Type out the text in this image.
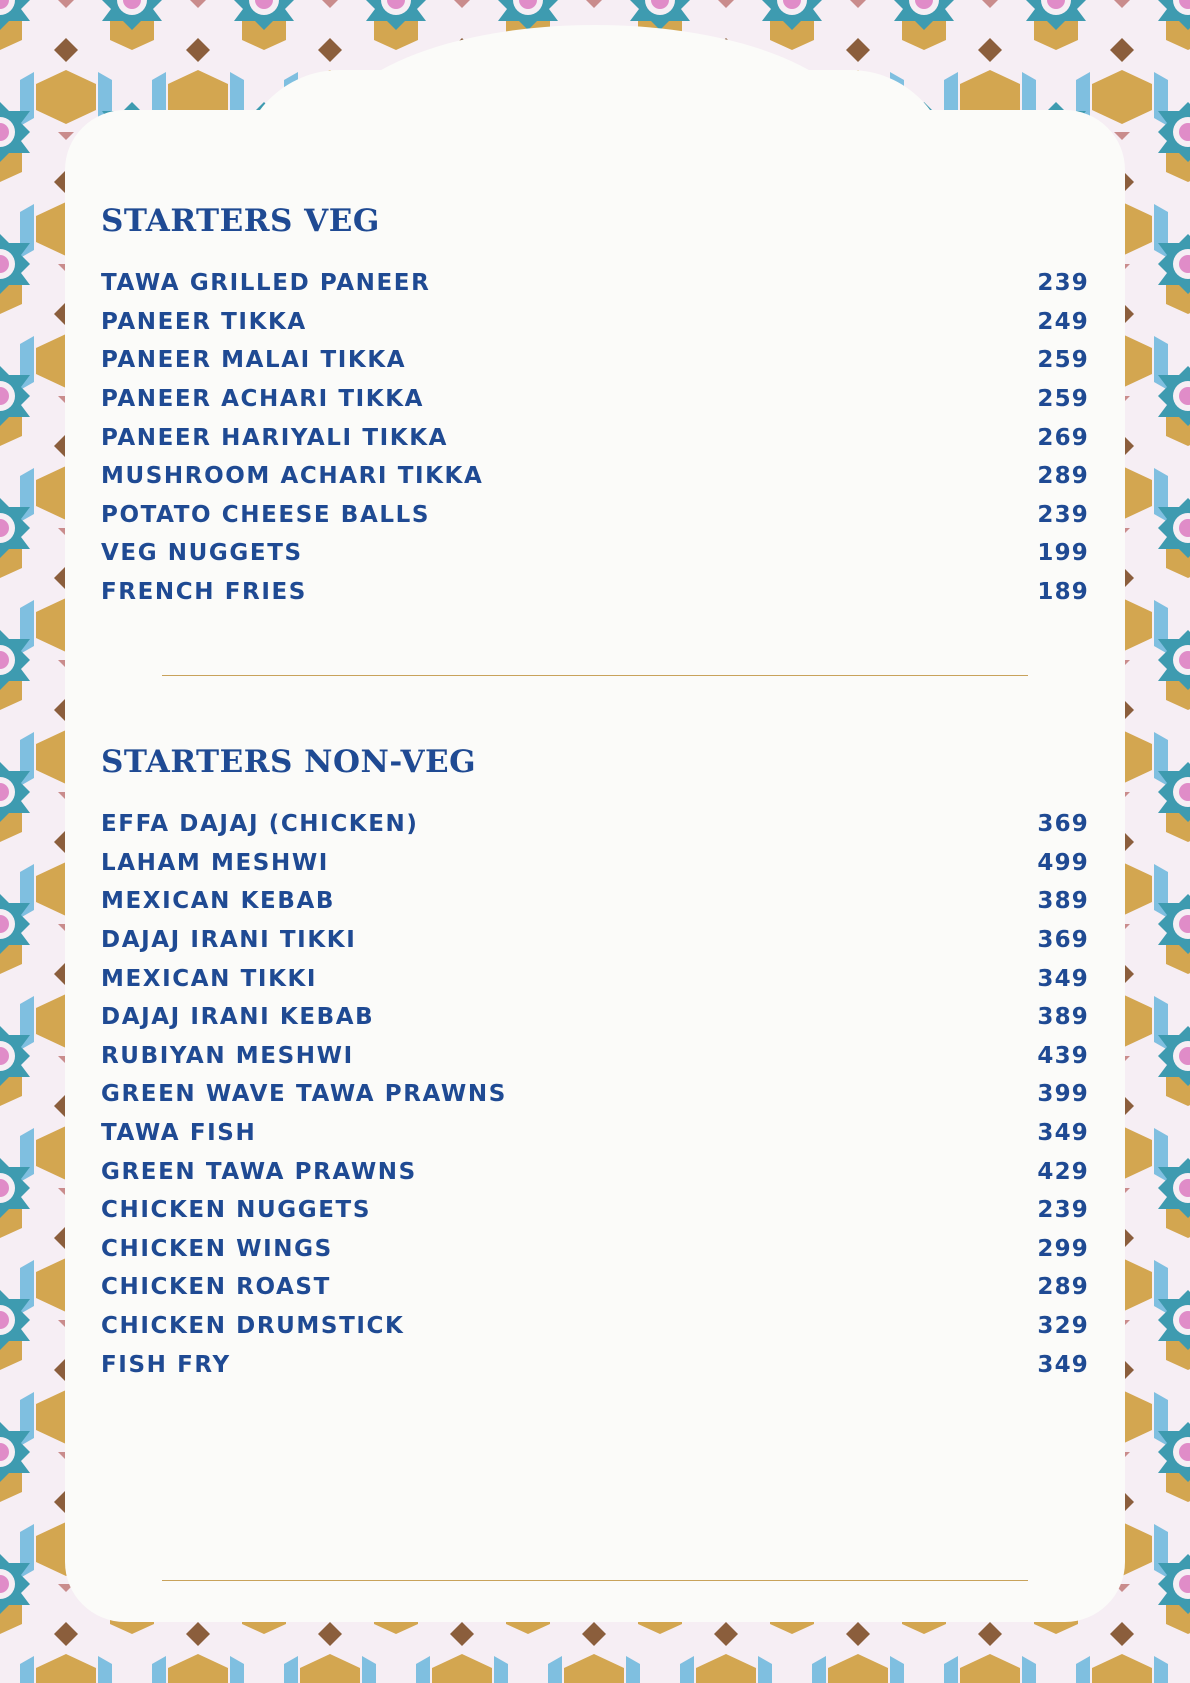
STARTERS VEG
TAWA GRILLED PANEER	239
PANEER TIKKA	249
PANEER MALAI TIKKA	259
PANEER ACHARI TIKKA	259
PANEER HARIYALI TIKKA	269
MUSHROOM ACHARI TIKKA	289
POTATO CHEESE BALLS	239
VEG NUGGETS	199
FRENCH FRIES	189
STARTERS NON-VEG
EFFA DAJAJ (CHICKEN)	369
LAHAM MESHWI	499
MEXICAN KEBAB	389
DAJAJ IRANI TIKKI	369
MEXICAN TIKKI	349
DAJAJ IRANI KEBAB	389
RUBIYAN MESHWI	439
GREEN WAVE TAWA PRAWNS	399
TAWA FISH	349
GREEN TAWA PRAWNS	429
CHICKEN NUGGETS	239
CHICKEN WINGS	299
CHICKEN ROAST	289
CHICKEN DRUMSTICK	329
FISH FRY	349
